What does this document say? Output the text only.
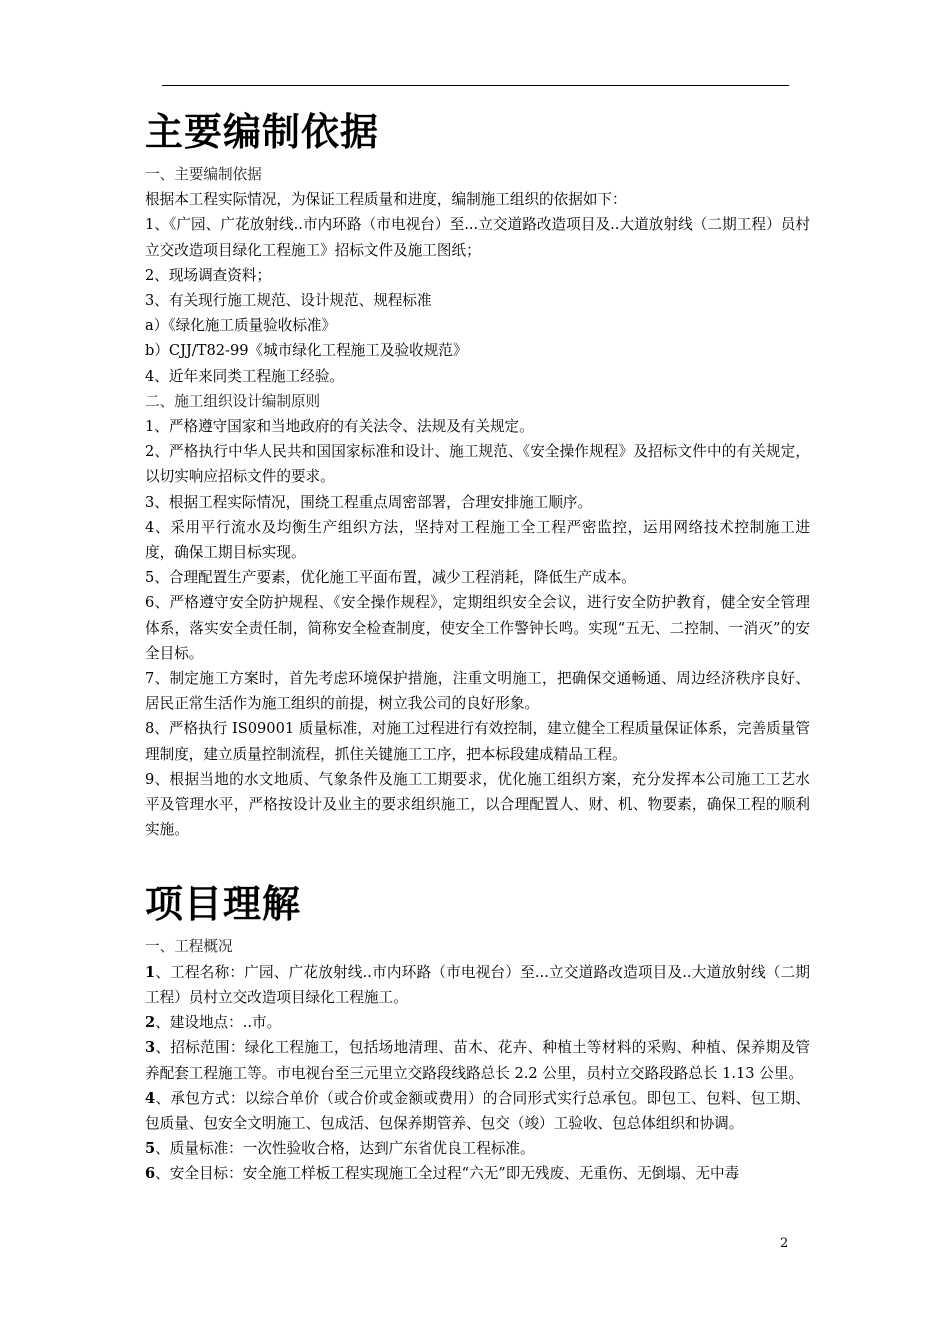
主要编制依据

一、主要编制依据

根据本工程实际情况，为保证工程质量和进度，编制施工组织的依据如下：

1、《广园、广花放射线..市内环路（市电视台）至...立交道路改造项目及..大道放射线（二期工程）员村立交改造项目绿化工程施工》招标文件及施工图纸；

2、现场调查资料；

3、有关现行施工规范、设计规范、规程标准

a）《绿化施工质量验收标准》

b）CJJ/T82-99《城市绿化工程施工及验收规范》

4、近年来同类工程施工经验。

二、施工组织设计编制原则

1、严格遵守国家和当地政府的有关法令、法规及有关规定。

2、严格执行中华人民共和国国家标准和设计、施工规范、《安全操作规程》及招标文件中的有关规定，以切实响应招标文件的要求。

3、根据工程实际情况，围绕工程重点周密部署，合理安排施工顺序。

4、采用平行流水及均衡生产组织方法，坚持对工程施工全工程严密监控，运用网络技术控制施工进度，确保工期目标实现。

5、合理配置生产要素，优化施工平面布置，减少工程消耗，降低生产成本。

6、严格遵守安全防护规程、《安全操作规程》，定期组织安全会议，进行安全防护教育，健全安全管理体系，落实安全责任制，简称安全检查制度，使安全工作警钟长鸣。实现“五无、二控制、一消灭”的安全目标。

7、制定施工方案时，首先考虑环境保护措施，注重文明施工，把确保交通畅通、周边经济秩序良好、居民正常生活作为施工组织的前提，树立我公司的良好形象。

8、严格执行 IS09001 质量标准，对施工过程进行有效控制，建立健全工程质量保证体系，完善质量管理制度，建立质量控制流程，抓住关键施工工序，把本标段建成精品工程。

9、根据当地的水文地质、气象条件及施工工期要求，优化施工组织方案，充分发挥本公司施工工艺水平及管理水平，严格按设计及业主的要求组织施工，以合理配置人、财、机、物要素，确保工程的顺利实施。

项目理解

一、工程概况

1、工程名称：广园、广花放射线..市内环路（市电视台）至...立交道路改造项目及..大道放射线（二期工程）员村立交改造项目绿化工程施工。

2、建设地点：..市。

3、招标范围：绿化工程施工，包括场地清理、苗木、花卉、种植土等材料的采购、种植、保养期及管养配套工程施工等。市电视台至三元里立交路段线路总长 2.2 公里，员村立交路段路总长 1.13 公里。

4、承包方式：以综合单价（或合价或金额或费用）的合同形式实行总承包。即包工、包料、包工期、包质量、包安全文明施工、包成活、包保养期管养、包交（竣）工验收、包总体组织和协调。

5、质量标准：一次性验收合格，达到广东省优良工程标准。

6、安全目标：安全施工样板工程实现施工全过程“六无”即无残废、无重伤、无倒塌、无中毒

2
